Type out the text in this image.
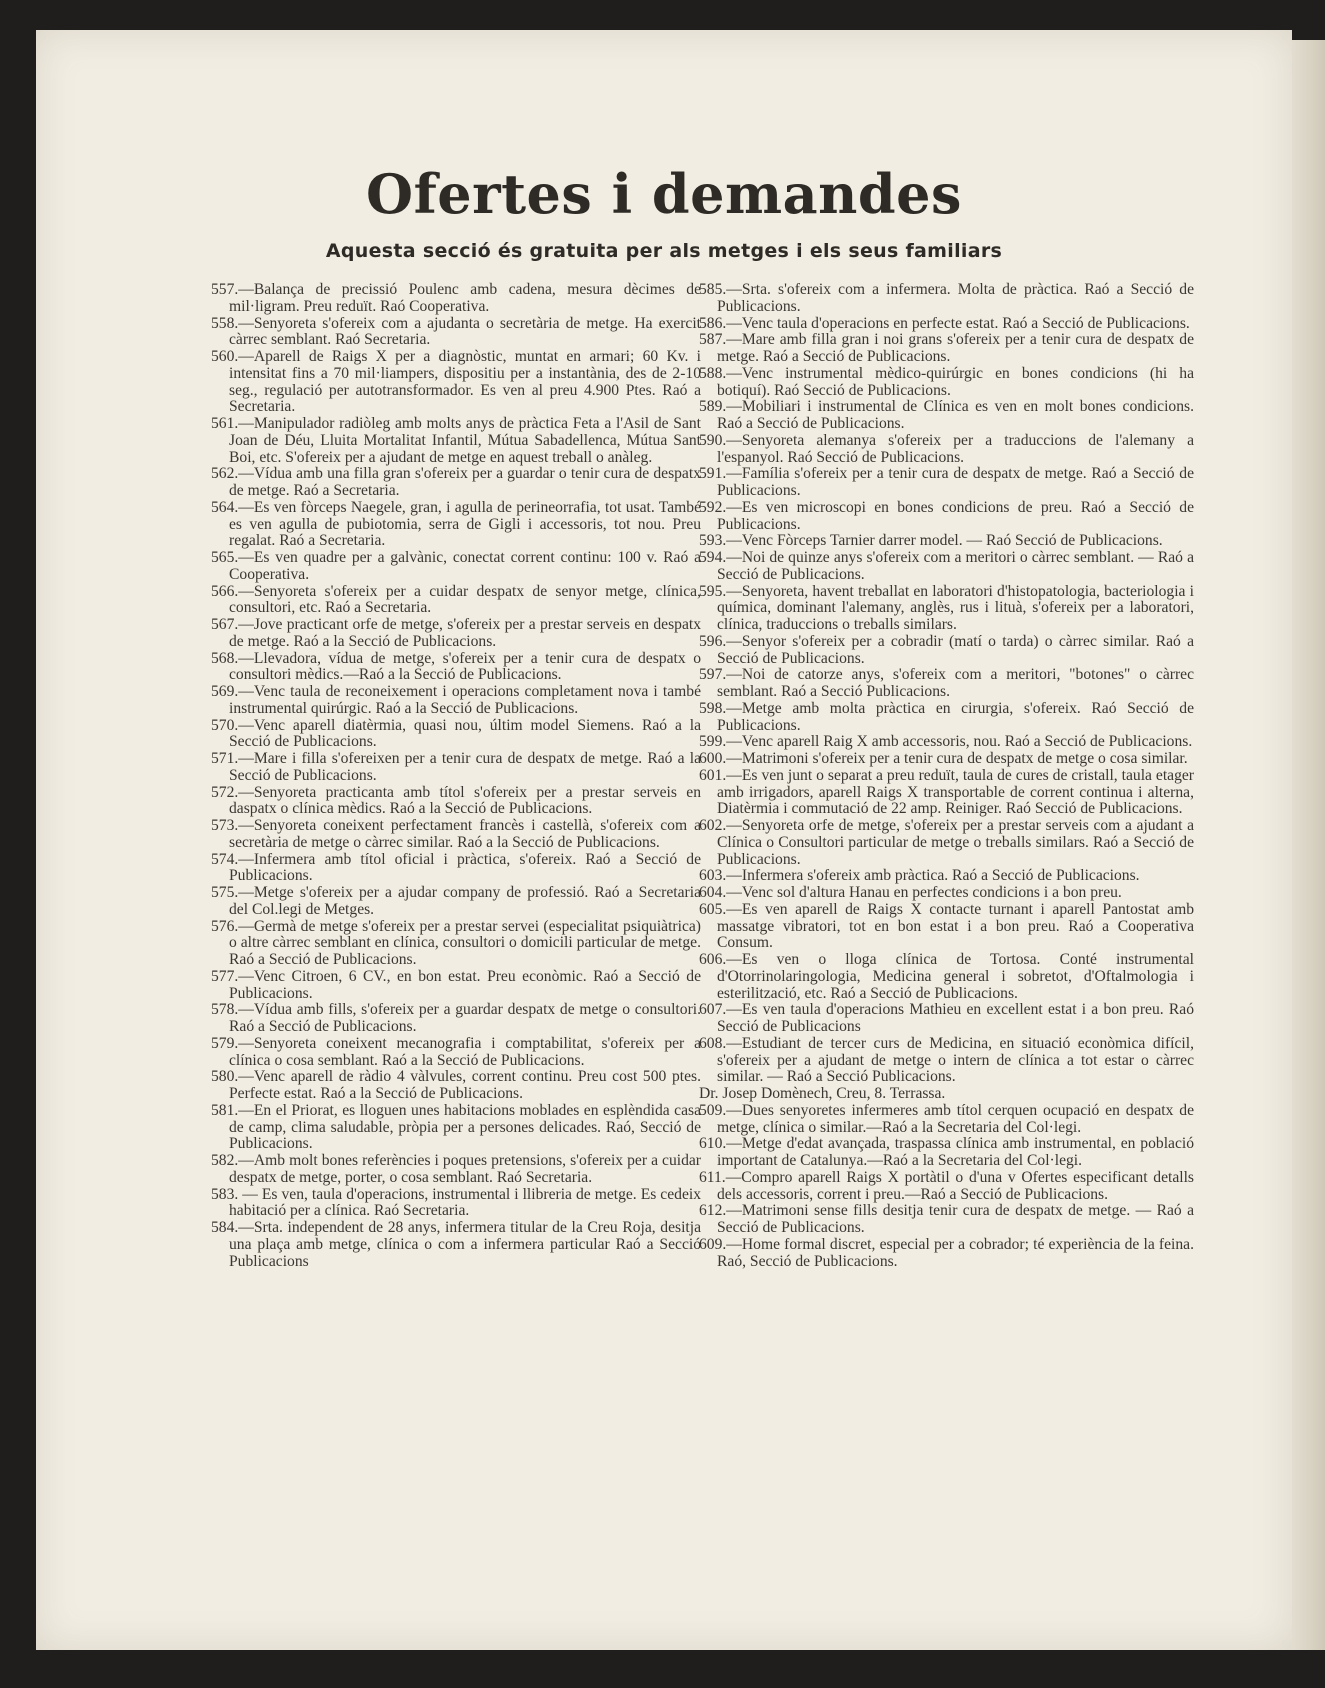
Ofertes i demandes
Aquesta secció és gratuita per als metges i els seus familiars

557.—Balança de precissió Poulenc amb cadena, mesura dècimes de mil·ligram. Preu reduït. Raó Cooperativa.

558.—Senyoreta s'ofereix com a ajudanta o secretària de metge. Ha exercit càrrec semblant. Raó Secretaria.

560.—Aparell de Raigs X per a diagnòstic, muntat en armari; 60 Kv. i intensitat fins a 70 mil·liampers, dispositiu per a instantània, des de 2-10 seg., regulació per autotransformador. Es ven al preu 4.900 Ptes. Raó a Secretaria.

561.—Manipulador radiòleg amb molts anys de pràctica Feta a l'Asil de Sant Joan de Déu, Lluita Mortalitat Infantil, Mútua Sabadellenca, Mútua Sant Boi, etc. S'ofereix per a ajudant de metge en aquest treball o anàleg.

562.—Vídua amb una filla gran s'ofereix per a guardar o tenir cura de despatx de metge. Raó a Secretaria.

564.—Es ven fòrceps Naegele, gran, i agulla de perineorrafia, tot usat. També es ven agulla de pubiotomia, serra de Gigli i accessoris, tot nou. Preu regalat. Raó a Secretaria.

565.—Es ven quadre per a galvànic, conectat corrent continu: 100 v. Raó a Cooperativa.

566.—Senyoreta s'ofereix per a cuidar despatx de senyor metge, clínica, consultori, etc. Raó a Secretaria.

567.—Jove practicant orfe de metge, s'ofereix per a prestar serveis en despatx de metge. Raó a la Secció de Publicacions.

568.—Llevadora, vídua de metge, s'ofereix per a tenir cura de despatx o consultori mèdics.—Raó a la Secció de Publicacions.

569.—Venc taula de reconeixement i operacions completament nova i també instrumental quirúrgic. Raó a la Secció de Publicacions.

570.—Venc aparell diatèrmia, quasi nou, últim model Siemens. Raó a la Secció de Publicacions.

571.—Mare i filla s'ofereixen per a tenir cura de despatx de metge. Raó a la Secció de Publicacions.

572.—Senyoreta practicanta amb títol s'ofereix per a prestar serveis en daspatx o clínica mèdics. Raó a la Secció de Publicacions.

573.—Senyoreta coneixent perfectament francès i castellà, s'ofereix com a secretària de metge o càrrec similar. Raó a la Secció de Publicacions.

574.—Infermera amb títol oficial i pràctica, s'ofereix. Raó a Secció de Publicacions.

575.—Metge s'ofereix per a ajudar company de professió. Raó a Secretaria del Col.legi de Metges.

576.—Germà de metge s'ofereix per a prestar servei (especialitat psiquiàtrica) o altre càrrec semblant en clínica, consultori o domicili particular de metge. Raó a Secció de Publicacions.

577.—Venc Citroen, 6 CV., en bon estat. Preu econòmic. Raó a Secció de Publicacions.

578.—Vídua amb fills, s'ofereix per a guardar despatx de metge o consultori. Raó a Secció de Publicacions.

579.—Senyoreta coneixent mecanografia i comptabilitat, s'ofereix per a clínica o cosa semblant. Raó a la Secció de Publicacions.

580.—Venc aparell de ràdio 4 vàlvules, corrent continu. Preu cost 500 ptes. Perfecte estat. Raó a la Secció de Publicacions.

581.—En el Priorat, es lloguen unes habitacions moblades en esplèndida casa de camp, clima saludable, pròpia per a persones delicades. Raó, Secció de Publicacions.

582.—Amb molt bones referències i poques pretensions, s'ofereix per a cuidar despatx de metge, porter, o cosa semblant. Raó Secretaria.

583. — Es ven, taula d'operacions, instrumental i llibreria de metge. Es cedeix habitació per a clínica. Raó Secretaria.

584.—Srta. independent de 28 anys, infermera titular de la Creu Roja, desitja una plaça amb metge, clínica o com a infermera particular Raó a Secció Publicacions

585.—Srta. s'ofereix com a infermera. Molta de pràctica. Raó a Secció de Publicacions.

586.—Venc taula d'operacions en perfecte estat. Raó a Secció de Publicacions.

587.—Mare amb filla gran i noi grans s'ofereix per a tenir cura de despatx de metge. Raó a Secció de Publicacions.

588.—Venc instrumental mèdico-quirúrgic en bones condicions (hi ha botiquí). Raó Secció de Publicacions.

589.—Mobiliari i instrumental de Clínica es ven en molt bones condicions. Raó a Secció de Publicacions.

590.—Senyoreta alemanya s'ofereix per a traduccions de l'alemany a l'espanyol. Raó Secció de Publicacions.

591.—Família s'ofereix per a tenir cura de despatx de metge. Raó a Secció de Publicacions.

592.—Es ven microscopi en bones condicions de preu. Raó a Secció de Publicacions.

593.—Venc Fòrceps Tarnier darrer model. — Raó Secció de Publicacions.

594.—Noi de quinze anys s'ofereix com a meritori o càrrec semblant. — Raó a Secció de Publicacions.

595.—Senyoreta, havent treballat en laboratori d'histopatologia, bacteriologia i química, dominant l'alemany, anglès, rus i lituà, s'ofereix per a laboratori, clínica, traduccions o treballs similars.

596.—Senyor s'ofereix per a cobradir (matí o tarda) o càrrec similar. Raó a Secció de Publicacions.

597.—Noi de catorze anys, s'ofereix com a meritori, "botones" o càrrec semblant. Raó a Secció Publicacions.

598.—Metge amb molta pràctica en cirurgia, s'ofereix. Raó Secció de Publicacions.

599.—Venc aparell Raig X amb accessoris, nou. Raó a Secció de Publicacions.

600.—Matrimoni s'ofereix per a tenir cura de despatx de metge o cosa similar.

601.—Es ven junt o separat a preu reduït, taula de cures de cristall, taula etager amb irrigadors, aparell Raigs X transportable de corrent continua i alterna, Diatèrmia i commutació de 22 amp. Reiniger. Raó Secció de Publicacions.

602.—Senyoreta orfe de metge, s'ofereix per a prestar serveis com a ajudant a Clínica o Consultori particular de metge o treballs similars. Raó a Secció de Publicacions.

603.—Infermera s'ofereix amb pràctica. Raó a Secció de Publicacions.

604.—Venc sol d'altura Hanau en perfectes condicions i a bon preu.

605.—Es ven aparell de Raigs X contacte turnant i aparell Pantostat amb massatge vibratori, tot en bon estat i a bon preu. Raó a Cooperativa Consum.

606.—Es ven o lloga clínica de Tortosa. Conté instrumental d'Otorrinolaringologia, Medicina general i sobretot, d'Oftalmologia i esterilització, etc. Raó a Secció de Publicacions.

607.—Es ven taula d'operacions Mathieu en excellent estat i a bon preu. Raó Secció de Publicacions

608.—Estudiant de tercer curs de Medicina, en situació econòmica difícil, s'ofereix per a ajudant de metge o intern de clínica a tot estar o càrrec similar. — Raó a Secció Publicacions.

Dr. Josep Domènech, Creu, 8. Terrassa.

509.—Dues senyoretes infermeres amb títol cerquen ocupació en despatx de metge, clínica o similar.—Raó a la Secretaria del Col·legi.

610.—Metge d'edat avançada, traspassa clínica amb instrumental, en població important de Catalunya.—Raó a la Secretaria del Col·legi.

611.—Compro aparell Raigs X portàtil o d'una v Ofertes especificant detalls dels accessoris, corrent i preu.—Raó a Secció de Publicacions.

612.—Matrimoni sense fills desitja tenir cura de despatx de metge. — Raó a Secció de Publicacions.

609.—Home formal discret, especial per a cobrador; té experiència de la feina. Raó, Secció de Publicacions.
